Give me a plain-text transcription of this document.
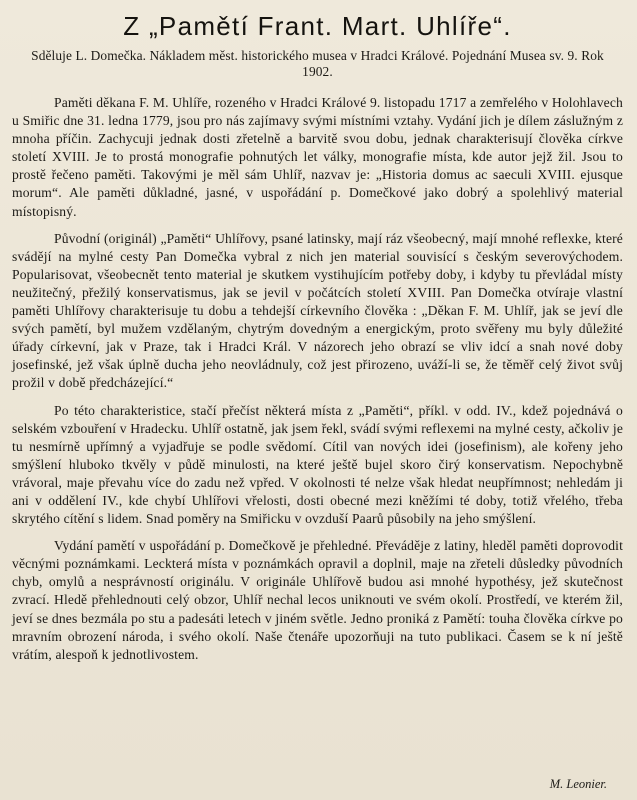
Z „Pamětí Frant. Mart. Uhlíře“.
Sděluje L. Domečka. Nákladem měst. historického musea v Hradci Králové. Pojednání Musea sv. 9. Rok 1902.

Paměti děkana F. M. Uhlíře, rozeného v Hradci Králové 9. listopadu 1717 a zemřelého v Holohlavech u Smiřic dne 31. ledna 1779, jsou pro nás zajímavy svými místními vztahy. Vydání jich je dílem záslužným z mnoha příčin. Zachycuji jednak dosti zřetelně a barvitě svou dobu, jednak charakterisují člověka církve století XVIII. Je to prostá monografie pohnutých let války, monografie místa, kde autor jejž žil. Jsou to prostě řečeno paměti. Takovými je měl sám Uhlíř, nazvav je: „Historia domus ac saeculi XVIII. ejusque morum“. Ale paměti důkladné, jasné, v uspořádání p. Domečkové jako dobrý a spolehlivý material místopisný.

Původní (originál) „Paměti“ Uhlířovy, psané latinsky, mají ráz všeobecný, mají mnohé reflexke, které svádějí na mylné cesty Pan Domečka vybral z nich jen material souvisící s českým severovýchodem. Popularisovat, všeobecnět tento material je skutkem vystihujícím potřeby doby, i kdyby tu převládal místy neužitečný, přežilý konservatismus, jak se jevil v počátcích století XVIII. Pan Domečka otvíraje vlastní paměti Uhlířovy charakterisuje tu dobu a tehdejší církevního člověka : „Děkan F. M. Uhlíř, jak se jeví dle svých pamětí, byl mužem vzdělaným, chytrým dovedným a energickým, proto svěřeny mu byly důležité úřady církevní, jak v Praze, tak i Hradci Král. V názorech jeho obrazí se vliv idcí a snah nové doby josefinské, jež však úplně ducha jeho neovládnuly, což jest přirozeno, uváží-li se, že těměř celý život svůj prožil v době předcházející.“

Po této charakteristice, stačí přečíst některá místa z „Paměti“, příkl. v odd. IV., kdež pojednává o selském vzbouření v Hradecku. Uhlíř ostatně, jak jsem řekl, svádí svými reflexemi na mylné cesty, ačkoliv je tu nesmírně upřímný a vyjadřuje se podle svědomí. Cítil van nových idei (josefinism), ale kořeny jeho smýšlení hluboko tkvěly v půdě minulosti, na které ještě bujel skoro čirý konservatism. Nepochybně vrávoral, maje převahu více do zadu než vpřed. V okolnosti té nelze však hledat neupřímnost; nehledám ji ani v oddělení IV., kde chybí Uhlířovi vřelosti, dosti obecné mezi kněžími té doby, totiž vřelého, třeba skrytého cítění s lidem. Snad poměry na Smiřicku v ovzduší Paarů působily na jeho smýšlení.

Vydání pamětí v uspořádání p. Domečkově je přehledné. Převáděje z latiny, hleděl paměti doprovodit věcnými poznámkami. Leckterá místa v poznámkách opravil a doplnil, maje na zřeteli důsledky původních chyb, omylů a nesprávností originálu. V originále Uhlířově budou asi mnohé hypothésy, jež skutečnost zvrací. Hledě přehlednouti celý obzor, Uhlíř nechal lecos uniknouti ve svém okolí. Prostředí, ve kterém žil, jeví se dnes bezmála po stu a padesáti letech v jiném světle. Jedno proniká z Pamětí: touha člověka církve po mravním obrození národa, i svého okolí. Naše čtenáře upozorňuji na tuto publikaci. Časem se k ní ještě vrátím, alespoň k jednotlivostem.

M. Leonier.
